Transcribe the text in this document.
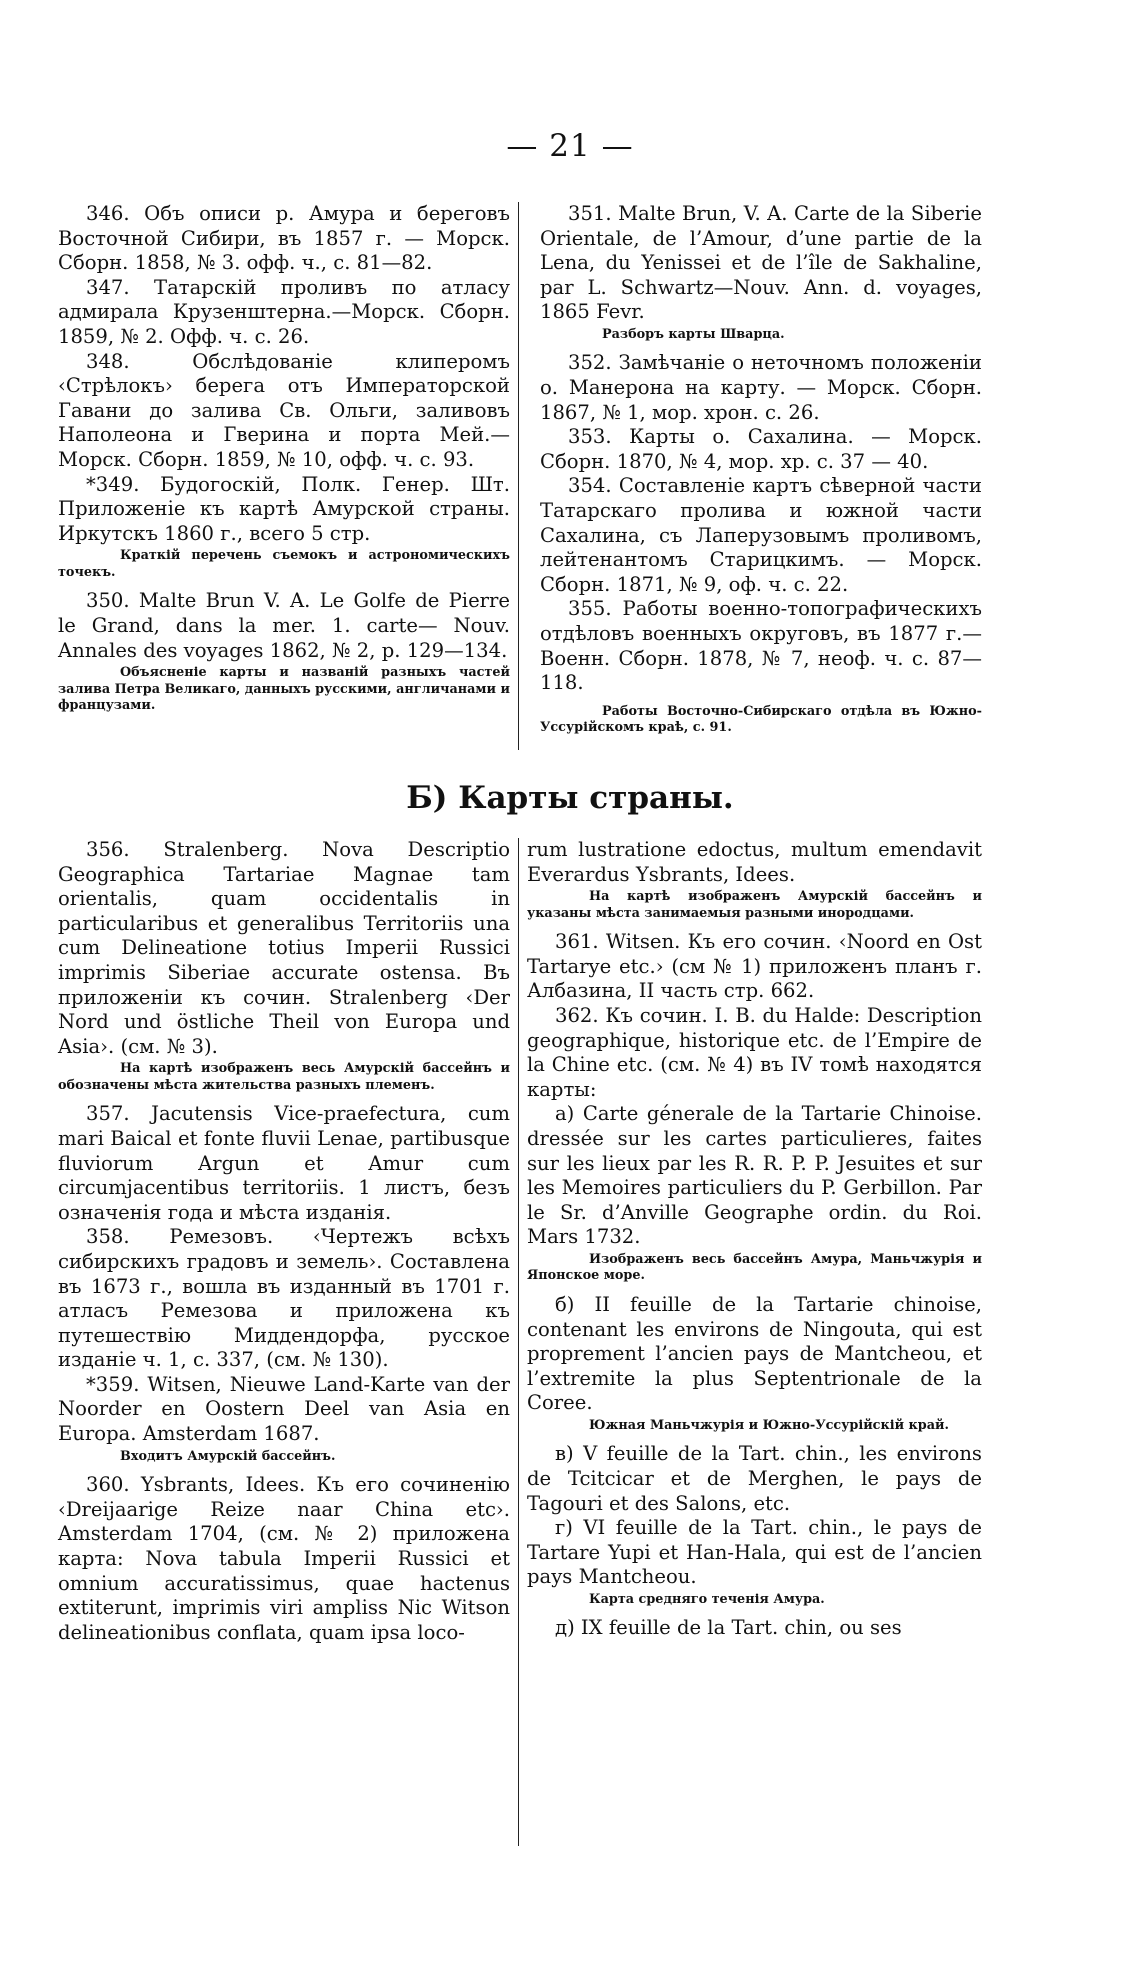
— 21 —

346. Объ описи р. Амура и береговъ Восточной Сибири, въ 1857 г. — Морск. Сборн. 1858, № 3. офф. ч., с. 81—82.

347. Татарскій проливъ по атласу адмирала Крузенштерна.—Морск. Сборн. 1859, № 2. Офф. ч. с. 26.

348. Обслѣдованіе клиперомъ ‹Стрѣлокъ› берега отъ Императорской Гавани до залива Св. Ольги, заливовъ Наполеона и Гверина и порта Мей.—Морск. Сборн. 1859, № 10, офф. ч. с. 93.

*349. Будогоскій, Полк. Генер. Шт. Приложеніе къ картѣ Амурской страны. Иркутскъ 1860 г., всего 5 стр.

Краткій перечень съемокъ и астрономическихъ точекъ.

350. Malte Brun V. A. Le Golfe de Pierre le Grand, dans la mer. 1. carte— Nouv. Annales des voyages 1862, № 2, p. 129—134.

Объясненіе карты и названій разныхъ частей залива Петра Великаго, данныхъ русскими, англичанами и французами.

351. Malte Brun, V. A. Carte de la Siberie Orientale, de l’Amour, d’une partie de la Lena, du Yenissei et de l’île de Sakhaline, par L. Schwartz—Nouv. Ann. d. voyages, 1865 Fevr.

Разборъ карты Шварца.

352. Замѣчаніе о неточномъ положеніи о. Манерона на карту. — Морск. Сборн. 1867, № 1, мор. хрон. с. 26.

353. Карты о. Сахалина. — Морск. Сборн. 1870, № 4, мор. хр. с. 37 — 40.

354. Составленіе картъ сѣверной части Татарскаго пролива и южной части Сахалина, съ Лаперузовымъ проливомъ, лейтенантомъ Старицкимъ. — Морск. Сборн. 1871, № 9, оф. ч. с. 22.

355. Работы военно-топографическихъ отдѣловъ военныхъ округовъ, въ 1877 г.— Военн. Сборн. 1878, № 7, неоф. ч. с. 87—118.

Работы Восточно-Сибирскаго отдѣла въ Южно-Уссурійскомъ краѣ, с. 91.

Б) Карты страны.

356. Stralenberg. Nova Descriptio Geographica Tartariae Magnae tam orientalis, quam occidentalis in particularibus et generalibus Territoriis una cum Delineatione totius Imperii Russici imprimis Siberiae accurate ostensa. Въ приложеніи къ сочин. Stralenberg ‹Der Nord und östliche Theil von Europa und Asia›. (см. № 3).

На картѣ изображенъ весь Амурскій бассейнъ и обозначены мѣста жительства разныхъ племенъ.

357. Jacutensis Vice-praefectura, cum mari Baical et fonte fluvii Lenae, partibusque fluviorum Argun et Amur cum circumjacentibus territoriis. 1 листъ, безъ означенія года и мѣста изданія.

358. Ремезовъ. ‹Чертежъ всѣхъ сибирскихъ градовъ и земель›. Составлена въ 1673 г., вошла въ изданный въ 1701 г. атласъ Ремезова и приложена къ путешествію Миддендорфа, русское изданіе ч. 1, с. 337, (см. № 130).

*359. Witsen, Nieuwe Land-Karte van der Noorder en Oostern Deel van Asia en Europa. Amsterdam 1687.

Входитъ Амурскій бассейнъ.

360. Ysbrants, Idees. Къ его сочиненію ‹Dreijaarige Reize naar China etc›. Amsterdam 1704, (см. № 2) приложена карта: Nova tabula Imperii Russici et omnium accuratissimus, quae hactenus extiterunt, imprimis viri ampliss Nic Witson delineationibus conflata, quam ipsa loco-

rum lustratione edoctus, multum emendavit Everardus Ysbrants, Idees.

На картѣ изображенъ Амурскій бассейнъ и указаны мѣста занимаемыя разными инородцами.

361. Witsen. Къ его сочин. ‹Noord en Ost Tartarye etc.› (см № 1) приложенъ планъ г. Албазина, II часть стр. 662.

362. Къ сочин. I. B. du Halde: Description geographique, historique etc. de l’Empire de la Chine etc. (см. № 4) въ IV томѣ находятся карты:

а) Carte génerale de la Tartarie Chinoise. dressée sur les cartes particulieres, faites sur les lieux par les R. R. P. P. Jesuites et sur les Memoires particuliers du P. Gerbillon. Par le Sr. d’Anville Geographe ordin. du Roi. Mars 1732.

Изображенъ весь бассейнъ Амура, Маньчжурія и Японское море.

б) II feuille de la Tartarie chinoise, contenant les environs de Ningouta, qui est proprement l’ancien pays de Mantcheou, et l’extremite la plus Septentrionale de la Coree.

Южная Маньчжурія и Южно-Уссурійскій край.

в) V feuille de la Tart. chin., les environs de Tcitcicar et de Merghen, le pays de Tagouri et des Salons, etc.

г) VI feuille de la Tart. chin., le pays de Tartare Yupi et Han-Hala, qui est de l’ancien pays Mantcheou.

Карта средняго теченія Амура.

д) IX feuille de la Tart. chin, ou ses
